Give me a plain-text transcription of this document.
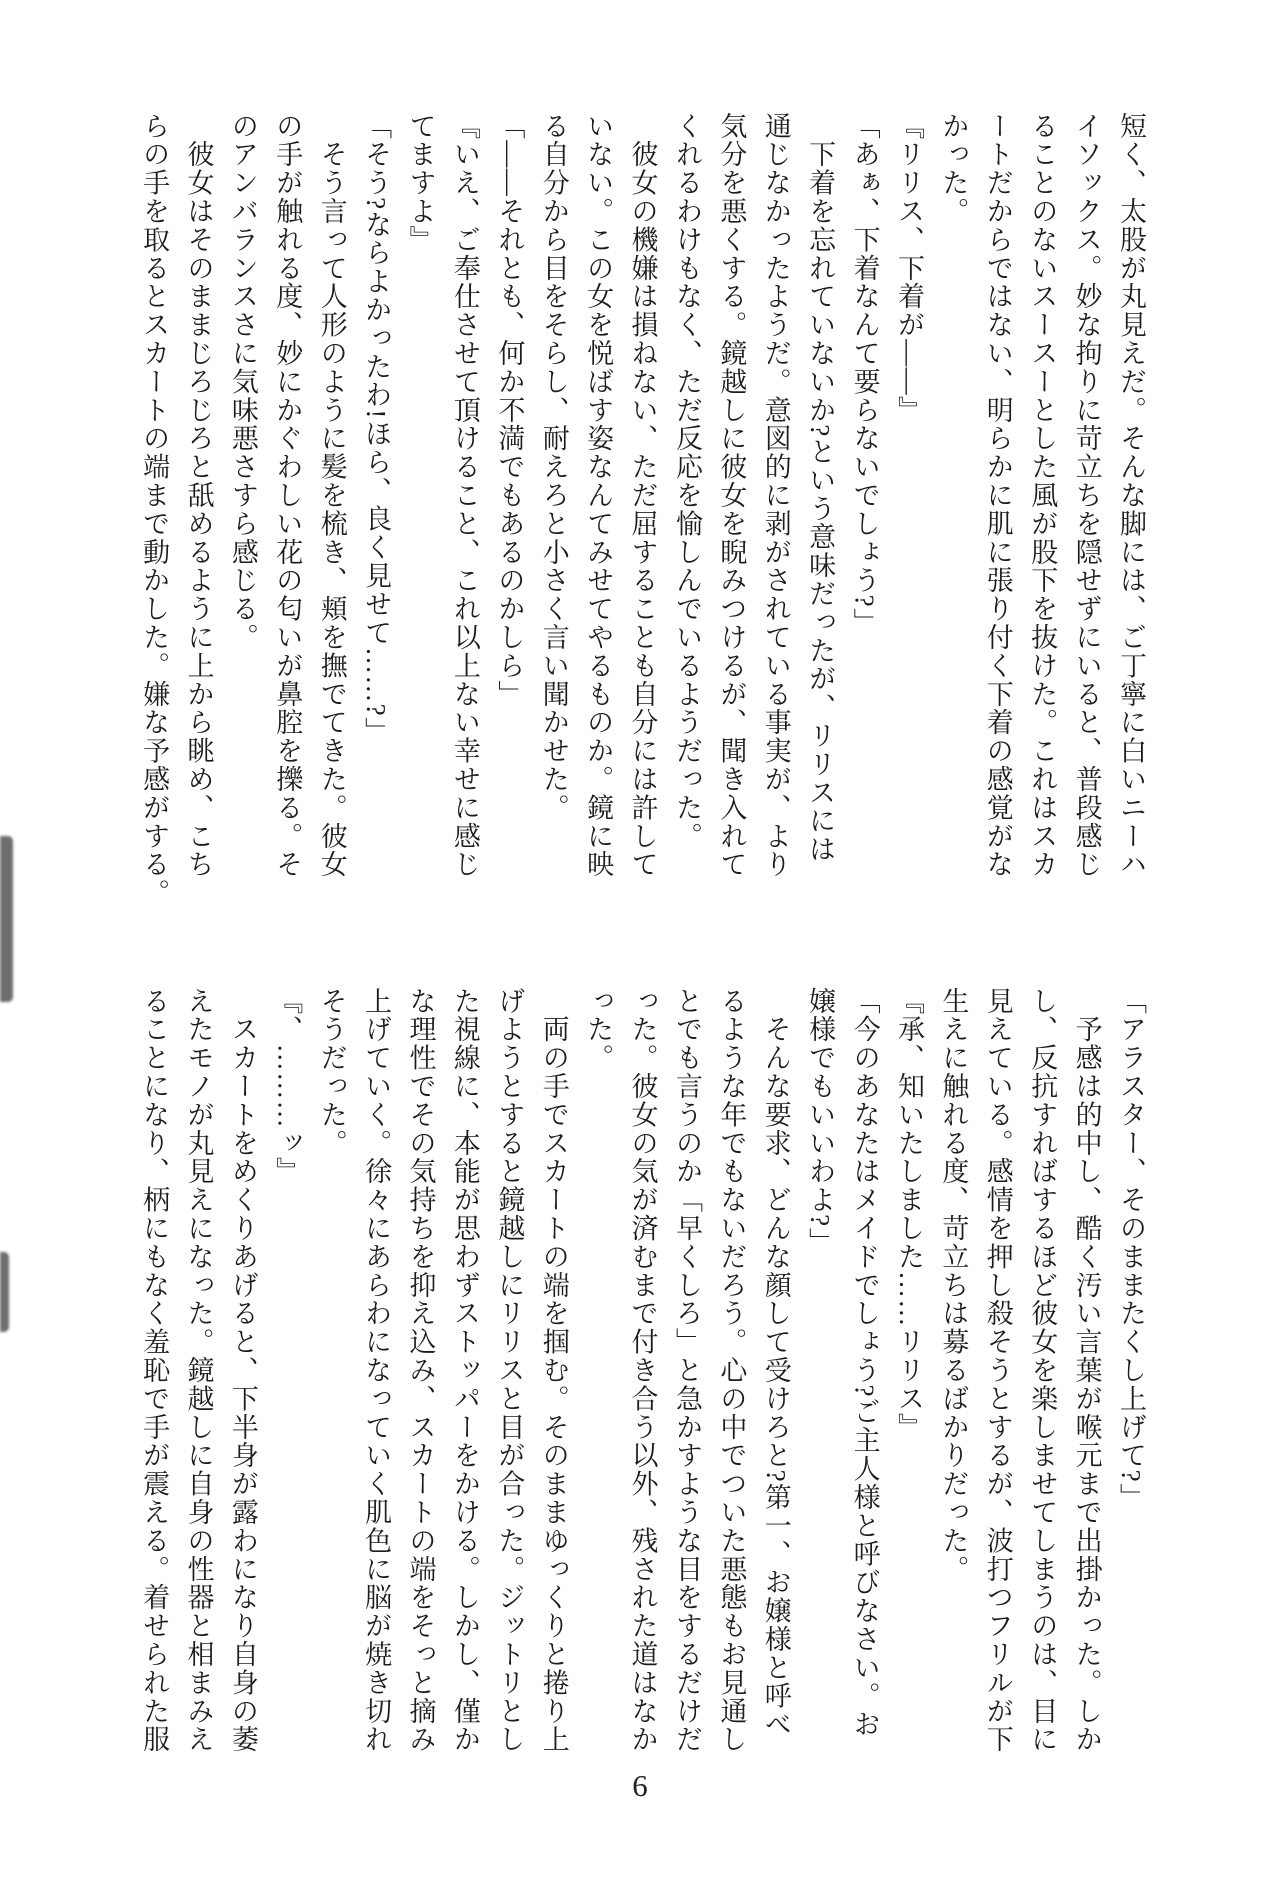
短く、太股が丸見えだ。そんな脚には、ご丁寧に白いニーハ

イソックス。妙な拘りに苛立ちを隠せずにいると、普段感じ

ることのないスースーとした風が股下を抜けた。これはスカ

ートだからではない、明らかに肌に張り付く下着の感覚がな

かった。

『リリス、下着が――』

「あぁ、下着なんて要らないでしょう?」

　下着を忘れていないか?という意味だったが、リリスには

通じなかったようだ。意図的に剥がされている事実が、より

気分を悪くする。鏡越しに彼女を睨みつけるが、聞き入れて

くれるわけもなく、ただ反応を愉しんでいるようだった。

　彼女の機嫌は損ねない、ただ屈することも自分には許して

いない。この女を悦ばす姿なんてみせてやるものか。鏡に映

る自分から目をそらし、耐えろと小さく言い聞かせた。

「――それとも、何か不満でもあるのかしら」

『いえ、ご奉仕させて頂けること、これ以上ない幸せに感じ

てますよ』

「そう?ならよかったわ!ほら、良く見せて……?」

　そう言って人形のように髪を梳き、頬を撫でてきた。彼女

の手が触れる度、妙にかぐわしい花の匂いが鼻腔を擽る。そ

のアンバランスさに気味悪さすら感じる。

　彼女はそのままじろじろと舐めるように上から眺め、こち

らの手を取るとスカートの端まで動かした。嫌な予感がする。

「アラスター、そのままたくし上げて?」

　予感は的中し、酷く汚い言葉が喉元まで出掛かった。しか

し、反抗すればするほど彼女を楽しませてしまうのは、目に

見えている。感情を押し殺そうとするが、波打つフリルが下

生えに触れる度、苛立ちは募るばかりだった。

『承、知いたしました……リリス』

「今のあなたはメイドでしょう?ご主人様と呼びなさい。お

嬢様でもいいわよ?」

　そんな要求、どんな顔して受けろと?第一、お嬢様と呼べ

るような年でもないだろう。心の中でついた悪態もお見通し

とでも言うのか「早くしろ」と急かすような目をするだけだ

った。彼女の気が済むまで付き合う以外、残された道はなか

った。

　両の手でスカートの端を掴む。そのままゆっくりと捲り上

げようとすると鏡越しにリリスと目が合った。ジットリとし

た視線に、本能が思わずストッパーをかける。しかし、僅か

な理性でその気持ちを抑え込み、スカートの端をそっと摘み

上げていく。徐々にあらわになっていく肌色に脳が焼き切れ

そうだった。

『、………ッ』

　スカートをめくりあげると、下半身が露わになり自身の萎

えたモノが丸見えになった。鏡越しに自身の性器と相まみえ

ることになり、柄にもなく羞恥で手が震える。着せられた服

6
